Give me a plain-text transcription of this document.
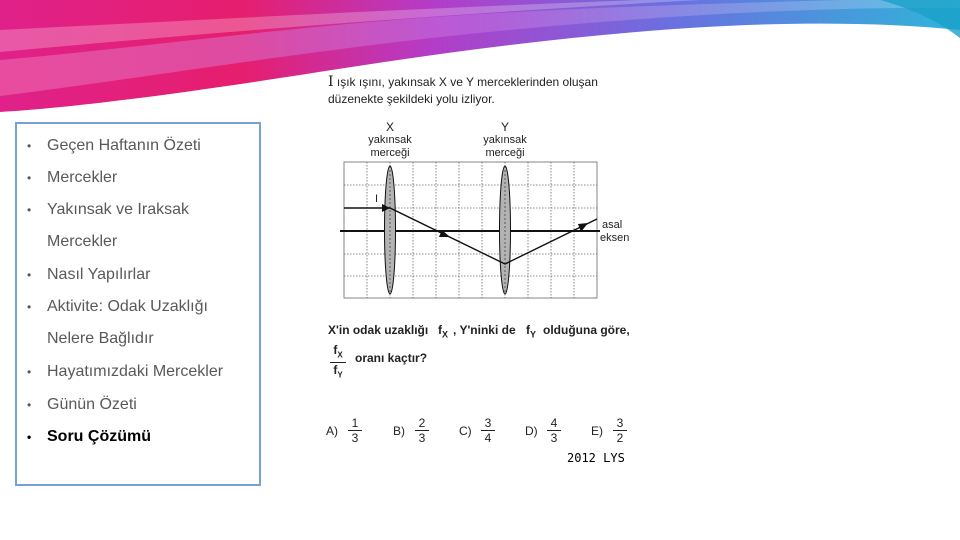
• Geçen Haftanın Özeti
• Mercekler
• Yakınsak ve Iraksak Mercekler
• Nasıl Yapılırlar
• Aktivite: Odak Uzaklığı Nelere Bağlıdır
• Hayatımızdaki Mercekler
• Günün Özeti
• Soru Çözümü
I ışık ışını, yakınsak X ve Y merceklerinden oluşan
düzenekte şekildeki yolu izliyor.
X
yakınsak
merceği
Y
yakınsak
merceği
I
asal
eksen
X'in odak uzaklığı $f_X$ , Y'ninki de $f_Y$ olduğuna göre,
$\frac{f_X}{f_Y}$ oranı kaçtır?
$A) \frac{1}{3}$	$B) \frac{2}{3}$	$C) \frac{3}{4}$	$D) \frac{4}{3}$	$E) \frac{3}{2}$
2012 LYS
